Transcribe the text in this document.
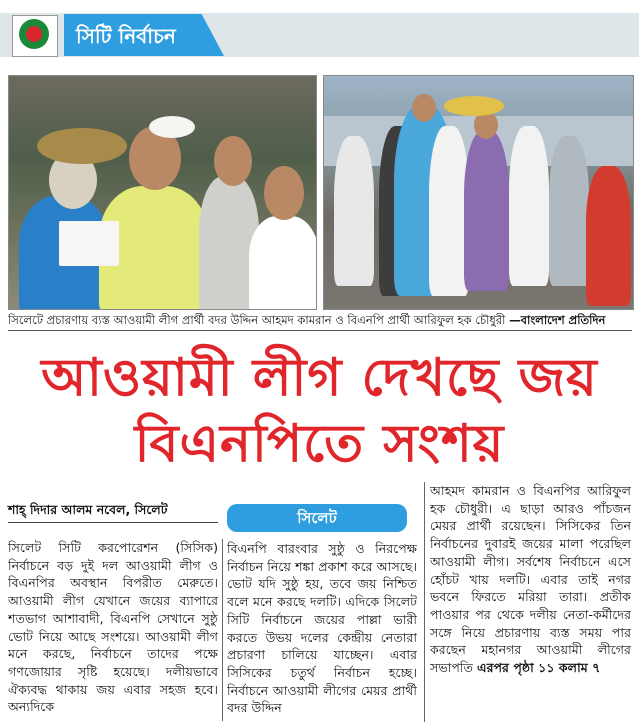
সিটি নির্বাচন
সিলেটে প্রচারণায় ব্যস্ত আওয়ামী লীগ প্রার্থী বদর উদ্দিন আহমদ কামরান ও বিএনপি প্রার্থী আরিফুল হক চৌধুরী —বাংলাদেশ প্রতিদিন
আওয়ামী লীগ দেখছে জয়
বিএনপিতে সংশয়
শাহ্ দিদার আলম নবেল, সিলেট	সিলেট
সিলেট সিটি করপোরেশন (সিসিক) নির্বাচনে বড় দুই দল আওয়ামী লীগ ও বিএনপির অবস্থান বিপরীত মেরুতে। আওয়ামী লীগ যেখানে জয়ের ব্যাপারে শতভাগ আশাবাদী, বিএনপি সেখানে সুষ্ঠু ভোট নিয়ে আছে সংশয়ে। আওয়ামী লীগ মনে করছে, নির্বাচনে তাদের পক্ষে গণজোয়ার সৃষ্টি হয়েছে। দলীয়ভাবে ঐক্যবদ্ধ থাকায় জয় এবার সহজ হবে। অন্যদিকে
বিএনপি বারংবার সুষ্ঠু ও নিরপেক্ষ নির্বাচন নিয়ে শঙ্কা প্রকাশ করে আসছে। ভোট যদি সুষ্ঠু হয়, তবে জয় নিশ্চিত বলে মনে করছে দলটি। এদিকে সিলেট সিটি নির্বাচনে জয়ের পাল্লা ভারী করতে উভয় দলের কেন্দ্রীয় নেতারা প্রচারণা চালিয়ে যাচ্ছেন। এবার সিসিকের চতুর্থ নির্বাচন হচ্ছে। নির্বাচনে আওয়ামী লীগের মেয়র প্রার্থী বদর উদ্দিন
আহমদ কামরান ও বিএনপির আরিফুল হক চৌধুরী। এ ছাড়া আরও পাঁচজন মেয়র প্রার্থী রয়েছেন। সিসিকের তিন নির্বাচনের দুবারই জয়ের মালা পরেছিল আওয়ামী লীগ। সর্বশেষ নির্বাচনে এসে হোঁচট খায় দলটি। এবার তাই নগর ভবনে ফিরতে মরিয়া তারা। প্রতীক পাওয়ার পর থেকে দলীয় নেতা-কর্মীদের সঙ্গে নিয়ে প্রচারণায় ব্যস্ত সময় পার করছেন মহানগর আওয়ামী লীগের সভাপতি এরপর পৃষ্ঠা ১১ কলাম ৭
